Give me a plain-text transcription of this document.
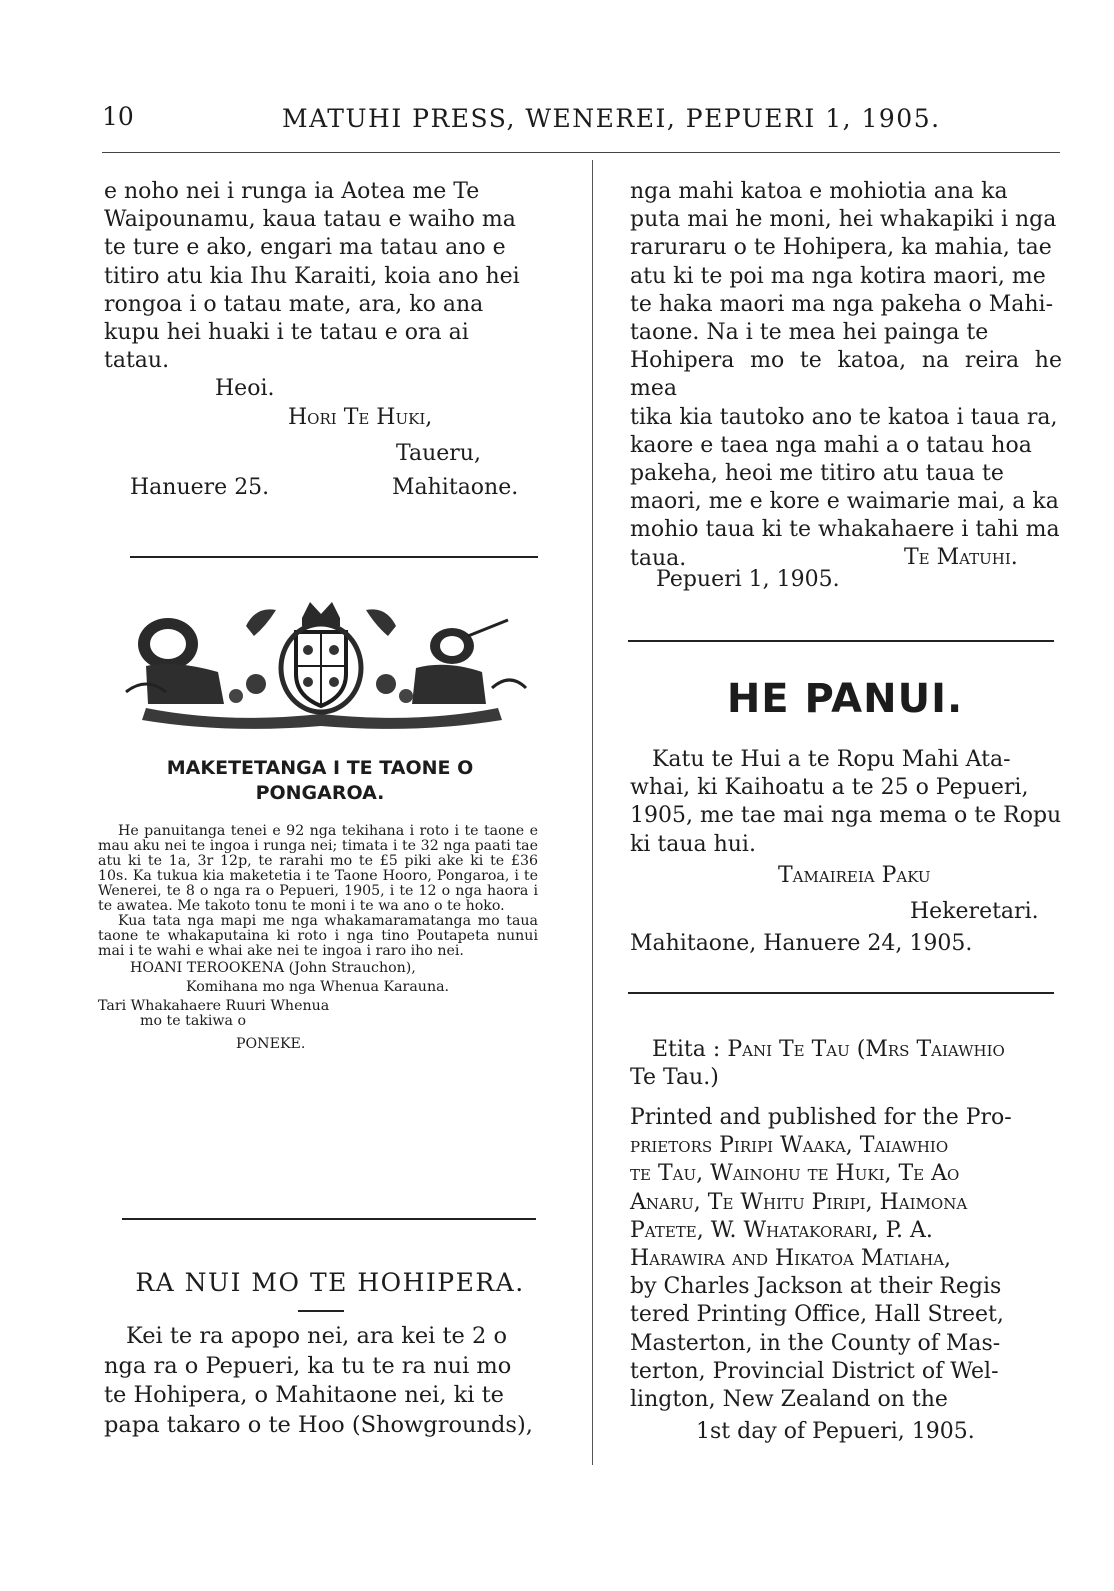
10	MATUHI PRESS, WENEREI, PEPUERI 1, 1905.

e noho nei i runga ia Aotea me Te

Waipounamu, kaua tatau e waiho ma

te ture e ako, engari ma tatau ano e

titiro atu kia Ihu Karaiti, koia ano hei

rongoa i o tatau mate, ara, ko ana

kupu hei huaki i te tatau e ora ai

tatau.

Heoi.
Hori Te Huki,
Taueru,
Hanuere 25.	Mahitaone.
MAKETETANGA I TE TAONE O
PONGAROA.

He panuitanga tenei e 92 nga tekihana i roto i te taone e mau aku nei te ingoa i runga nei; timata i te 32 nga paati tae atu ki te 1a, 3r 12p, te rarahi mo te £5 piki ake ki te £36 10s. Ka tukua kia maketetia i te Taone Hooro, Pongaroa, i te Wenerei, te 8 o nga ra o Pepueri, 1905, i te 12 o nga haora i te awatea. Me takoto tonu te moni i te wa ano o te hoko.

Kua tata nga mapi me nga whakamaramatanga mo taua taone te whakaputaina ki roto i nga tino Poutapeta nunui mai i te wahi e whai ake nei te ingoa i raro iho nei.

HOANI TEROOKENA (John Strauchon),
Komihana mo nga Whenua Karauna.
Tari Whakahaere Ruuri Whenua
mo te takiwa o
PONEKE.
RA NUI MO TE HOHIPERA.

Kei te ra apopo nei, ara kei te 2 o

nga ra o Pepueri, ka tu te ra nui mo

te Hohipera, o Mahitaone nei, ki te

papa takaro o te Hoo (Showgrounds),

nga mahi katoa e mohiotia ana ka

puta mai he moni, hei whakapiki i nga

raruraru o te Hohipera, ka mahia, tae

atu ki te poi ma nga kotira maori, me

te haka maori ma nga pakeha o Mahi-

taone. Na i te mea hei painga te

Hohipera mo te katoa, na reira he mea

tika kia tautoko ano te katoa i taua ra,

kaore e taea nga mahi a o tatau hoa

pakeha, heoi me titiro atu taua te

maori, me e kore e waimarie mai, a ka

mohio taua ki te whakahaere i tahi ma

taua.	Te Matuhi.
Pepueri 1, 1905.
HE PANUI.

Katu te Hui a te Ropu Mahi Ata-

whai, ki Kaihoatu a te 25 o Pepueri,

1905, me tae mai nga mema o te Ropu

ki taua hui.

Tamaireia Paku
Hekeretari.
Mahitaone, Hanuere 24, 1905.
Etita : Pani Te Tau (Mrs Taiawhio
Te Tau.)

Printed and published for the Pro-

prietors Piripi Waaka, Taiawhio

te Tau, Wainohu te Huki, Te Ao

Anaru, Te Whitu Piripi, Haimona

Patete, W. Whatakorari, P. A.

Harawira and Hikatoa Matiaha,

by Charles Jackson at their Regis

tered Printing Office, Hall Street,

Masterton, in the County of Mas-

terton, Provincial District of Wel-

lington, New Zealand on the

1st day of Pepueri, 1905.
